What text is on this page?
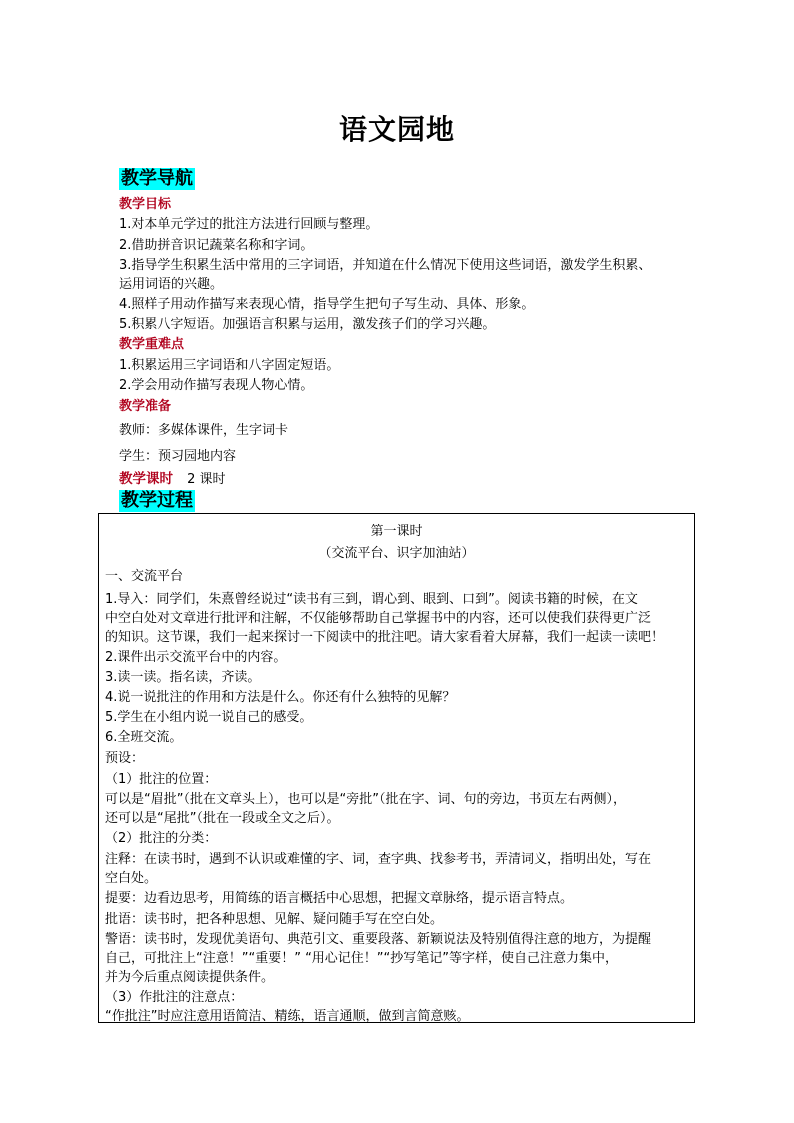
语文园地
教学导航
教学目标
1.对本单元学过的批注方法进行回顾与整理。
2.借助拼音识记蔬菜名称和字词。
3.指导学生积累生活中常用的三字词语，并知道在什么情况下使用这些词语，激发学生积累、
运用词语的兴趣。
4.照样子用动作描写来表现心情，指导学生把句子写生动、具体、形象。
5.积累八字短语。加强语言积累与运用，激发孩子们的学习兴趣。
教学重难点
1.积累运用三字词语和八字固定短语。
2.学会用动作描写表现人物心情。
教学准备
教师：多媒体课件，生字词卡
学生：预习园地内容
教学课时 2 课时
教学过程
第一课时
（交流平台、识字加油站）
一、交流平台
1.导入：同学们，朱熹曾经说过“读书有三到，谓心到、眼到、口到”。阅读书籍的时候，在文
中空白处对文章进行批评和注解，不仅能够帮助自己掌握书中的内容，还可以使我们获得更广泛
的知识。这节课，我们一起来探讨一下阅读中的批注吧。请大家看着大屏幕，我们一起读一读吧！
2.课件出示交流平台中的内容。
3.读一读。指名读，齐读。
4.说一说批注的作用和方法是什么。你还有什么独特的见解？
5.学生在小组内说一说自己的感受。
6.全班交流。
预设：
（1）批注的位置：
可以是“眉批”（批在文章头上），也可以是“旁批”（批在字、词、句的旁边，书页左右两侧），
还可以是“尾批”（批在一段或全文之后）。
（2）批注的分类：
注释：在读书时，遇到不认识或难懂的字、词，查字典、找参考书，弄清词义，指明出处，写在
空白处。
提要：边看边思考，用简练的语言概括中心思想，把握文章脉络，提示语言特点。
批语：读书时，把各种思想、见解、疑问随手写在空白处。
警语：读书时，发现优美语句、典范引文、重要段落、新颖说法及特别值得注意的地方，为提醒
自己，可批注上“注意！”“重要！” “用心记住！”“抄写笔记”等字样，使自己注意力集中，
并为今后重点阅读提供条件。
（3）作批注的注意点：
“作批注”时应注意用语简洁、精练，语言通顺，做到言简意赅。
